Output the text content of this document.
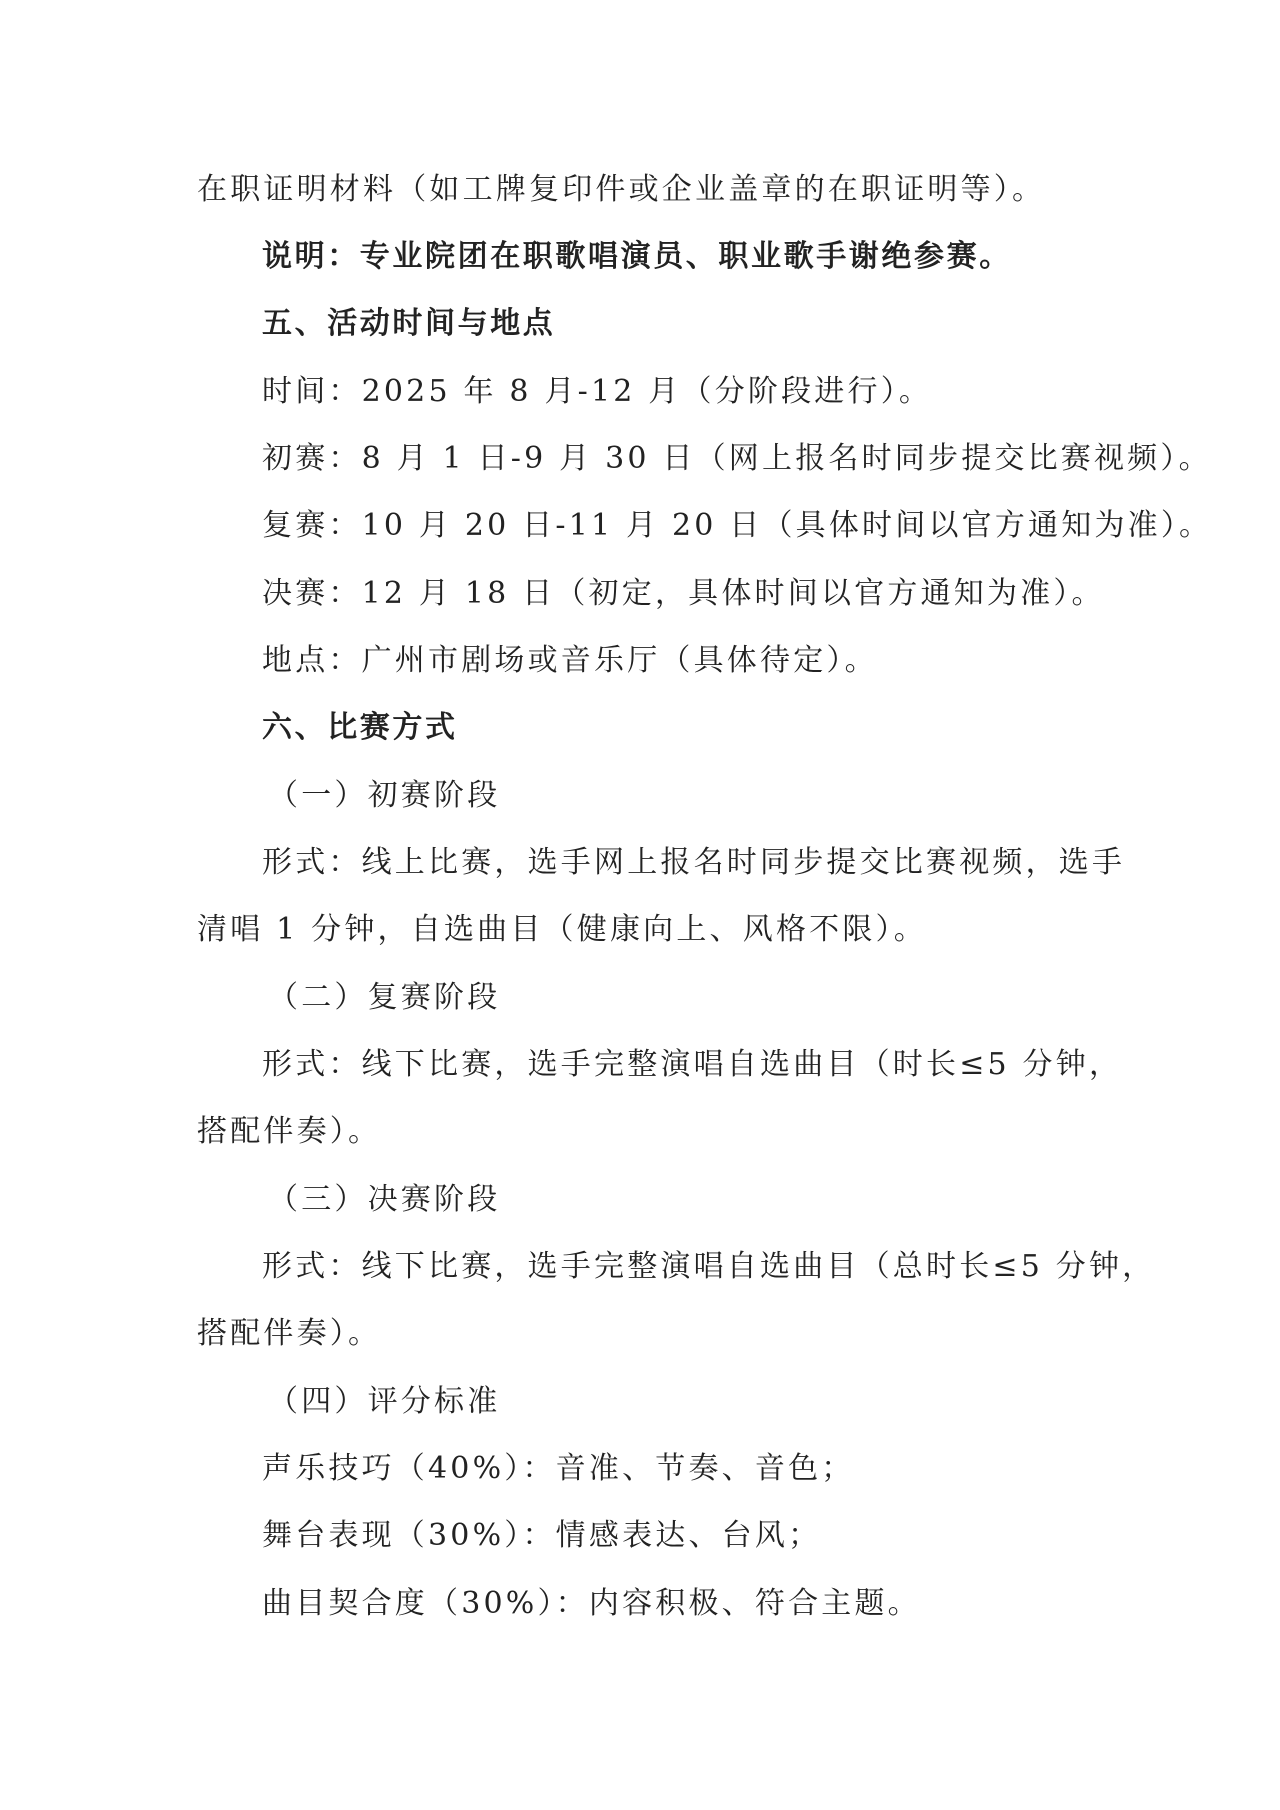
在职证明材料（如工牌复印件或企业盖章的在职证明等）。
说明：专业院团在职歌唱演员、职业歌手谢绝参赛。
五、活动时间与地点
时间：2025 年 8 月-12 月（分阶段进行）。
初赛：8 月 1 日-9 月 30 日（网上报名时同步提交比赛视频）。
复赛：10 月 20 日-11 月 20 日（具体时间以官方通知为准）。
决赛：12 月 18 日（初定，具体时间以官方通知为准）。
地点：广州市剧场或音乐厅（具体待定）。
六、比赛方式
（一）初赛阶段
形式：线上比赛，选手网上报名时同步提交比赛视频，选手
清唱 1 分钟，自选曲目（健康向上、风格不限）。
（二）复赛阶段
形式：线下比赛，选手完整演唱自选曲目（时长≤5 分钟，
搭配伴奏）。
（三）决赛阶段
形式：线下比赛，选手完整演唱自选曲目（总时长≤5 分钟，
搭配伴奏）。
（四）评分标准
声乐技巧（40%）：音准、节奏、音色；
舞台表现（30%）：情感表达、台风；
曲目契合度（30%）：内容积极、符合主题。
